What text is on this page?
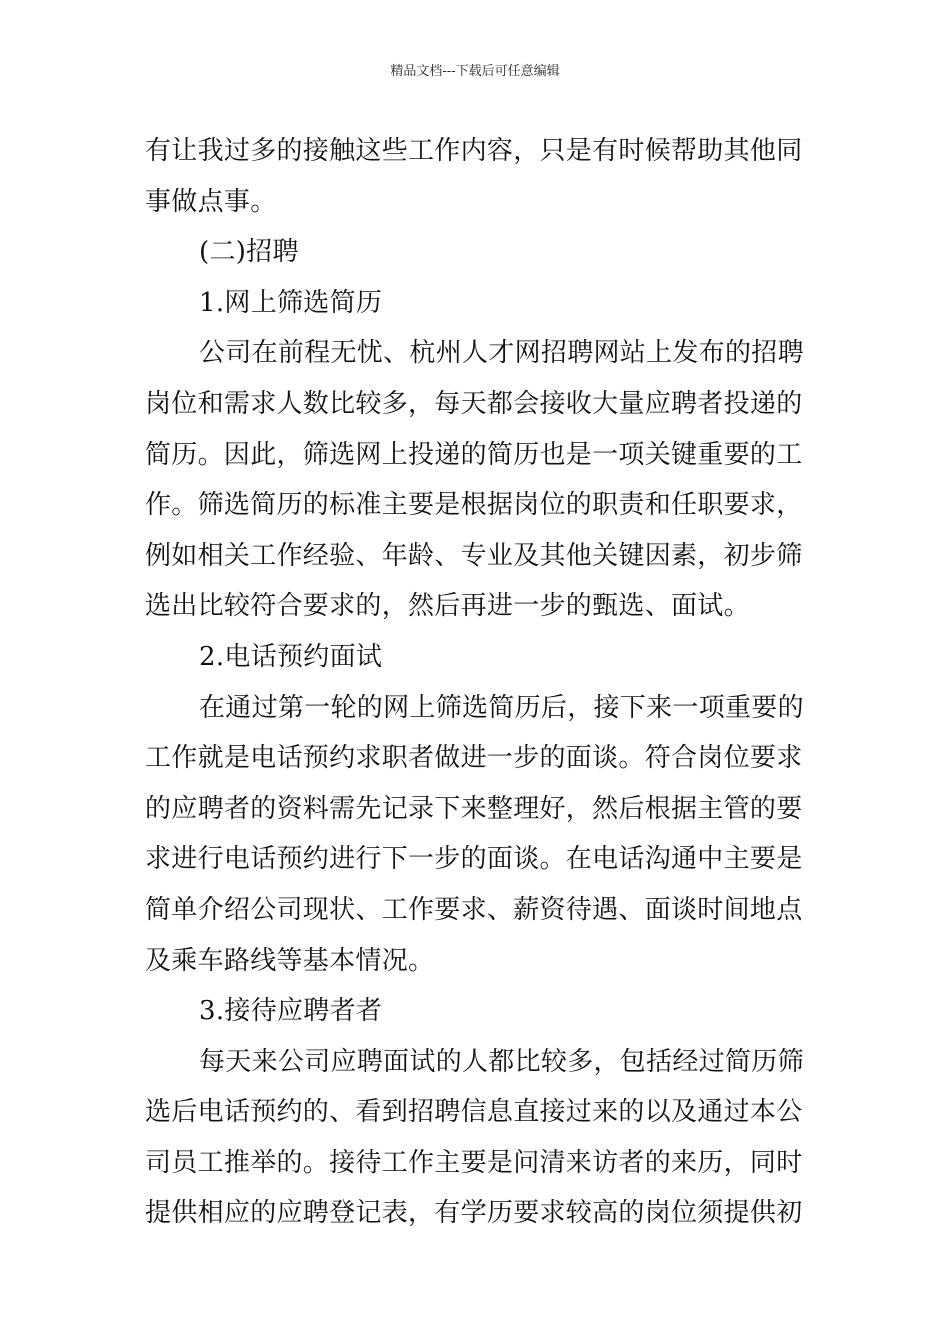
精品文档---下载后可任意编辑
有让我过多的接触这些工作内容，只是有时候帮助其他同
事做点事。
(二)招聘
1.网上筛选简历
公司在前程无忧、杭州人才网招聘网站上发布的招聘
岗位和需求人数比较多，每天都会接收大量应聘者投递的
简历。因此，筛选网上投递的简历也是一项关键重要的工
作。筛选简历的标准主要是根据岗位的职责和任职要求，
例如相关工作经验、年龄、专业及其他关键因素，初步筛
选出比较符合要求的，然后再进一步的甄选、面试。
2.电话预约面试
在通过第一轮的网上筛选简历后，接下来一项重要的
工作就是电话预约求职者做进一步的面谈。符合岗位要求
的应聘者的资料需先记录下来整理好，然后根据主管的要
求进行电话预约进行下一步的面谈。在电话沟通中主要是
简单介绍公司现状、工作要求、薪资待遇、面谈时间地点
及乘车路线等基本情况。
3.接待应聘者者
每天来公司应聘面试的人都比较多，包括经过简历筛
选后电话预约的、看到招聘信息直接过来的以及通过本公
司员工推举的。接待工作主要是问清来访者的来历，同时
提供相应的应聘登记表，有学历要求较高的岗位须提供初
